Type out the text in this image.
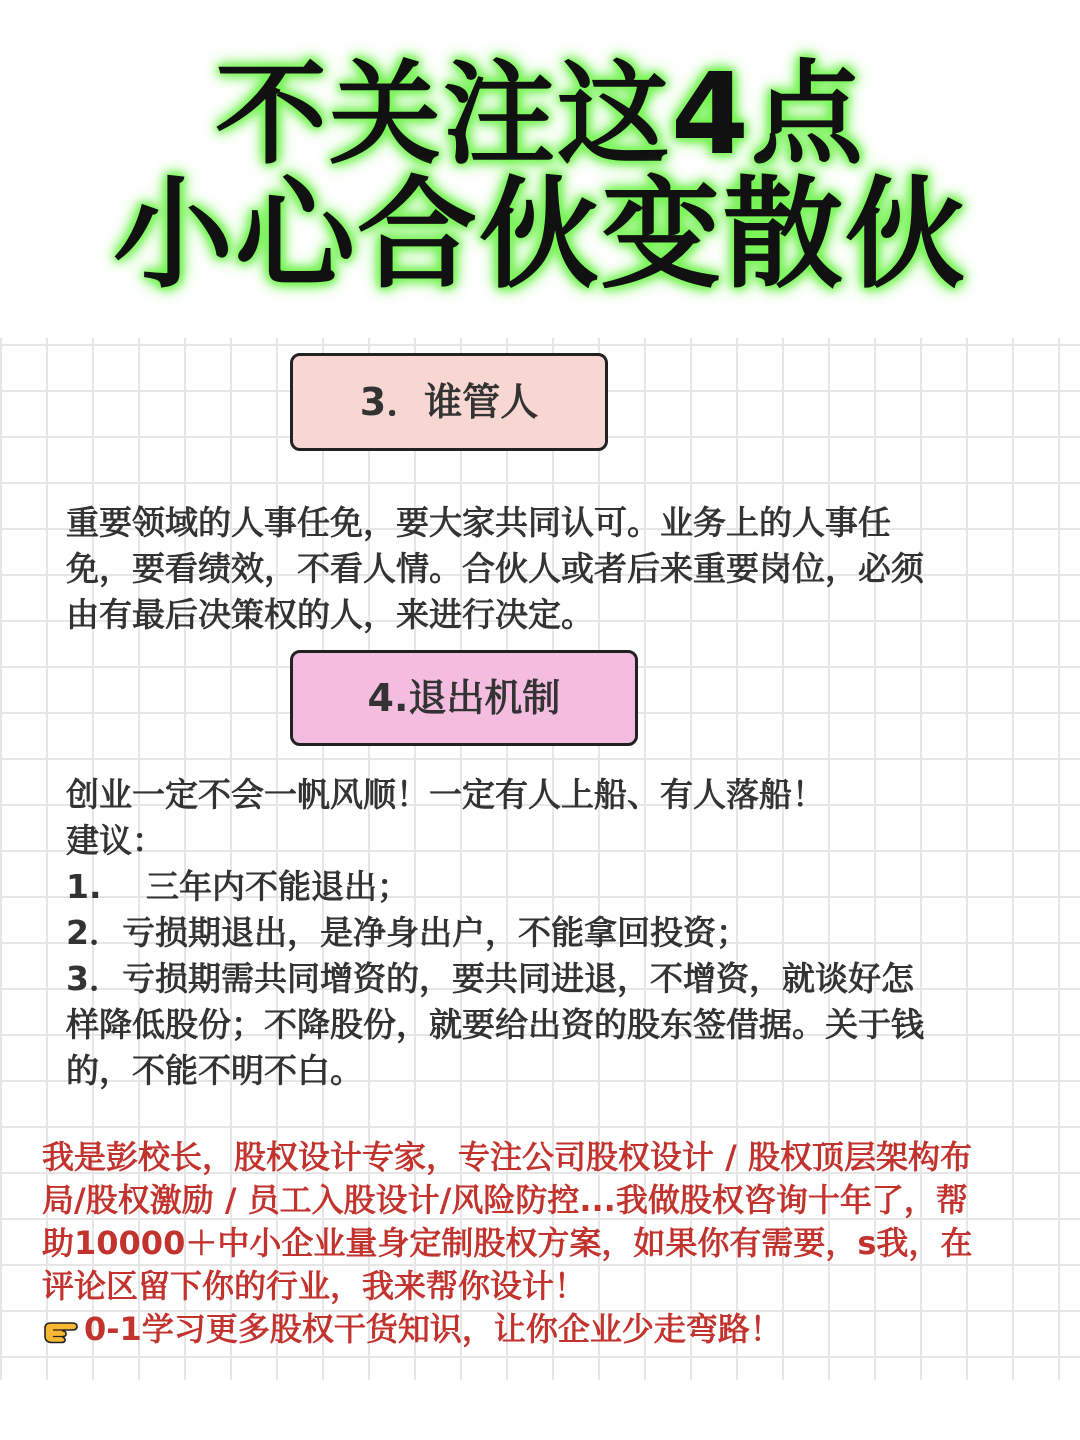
不关注这4点
小心合伙变散伙
3．谁管人

重要领域的人事任免，要大家共同认可。业务上的人事任

免，要看绩效，不看人情。合伙人或者后来重要岗位，必须

由有最后决策权的人，来进行决定。

4.退出机制

创业一定不会一帆风顺！一定有人上船、有人落船！

建议：

1.　 三年内不能退出；

2．亏损期退出，是净身出户，不能拿回投资；

3．亏损期需共同增资的，要共同进退，不增资，就谈好怎

样降低股份；不降股份，就要给出资的股东签借据。关于钱

的，不能不明不白。

我是彭校长，股权设计专家，专注公司股权设计 / 股权顶层架构布

局/股权激励 / 员工入股设计/风险防控...我做股权咨询十年了，帮

助10000＋中小企业量身定制股权方案，如果你有需要，s我，在

评论区留下你的行业，我来帮你设计！

0-1学习更多股权干货知识，让你企业少走弯路！
